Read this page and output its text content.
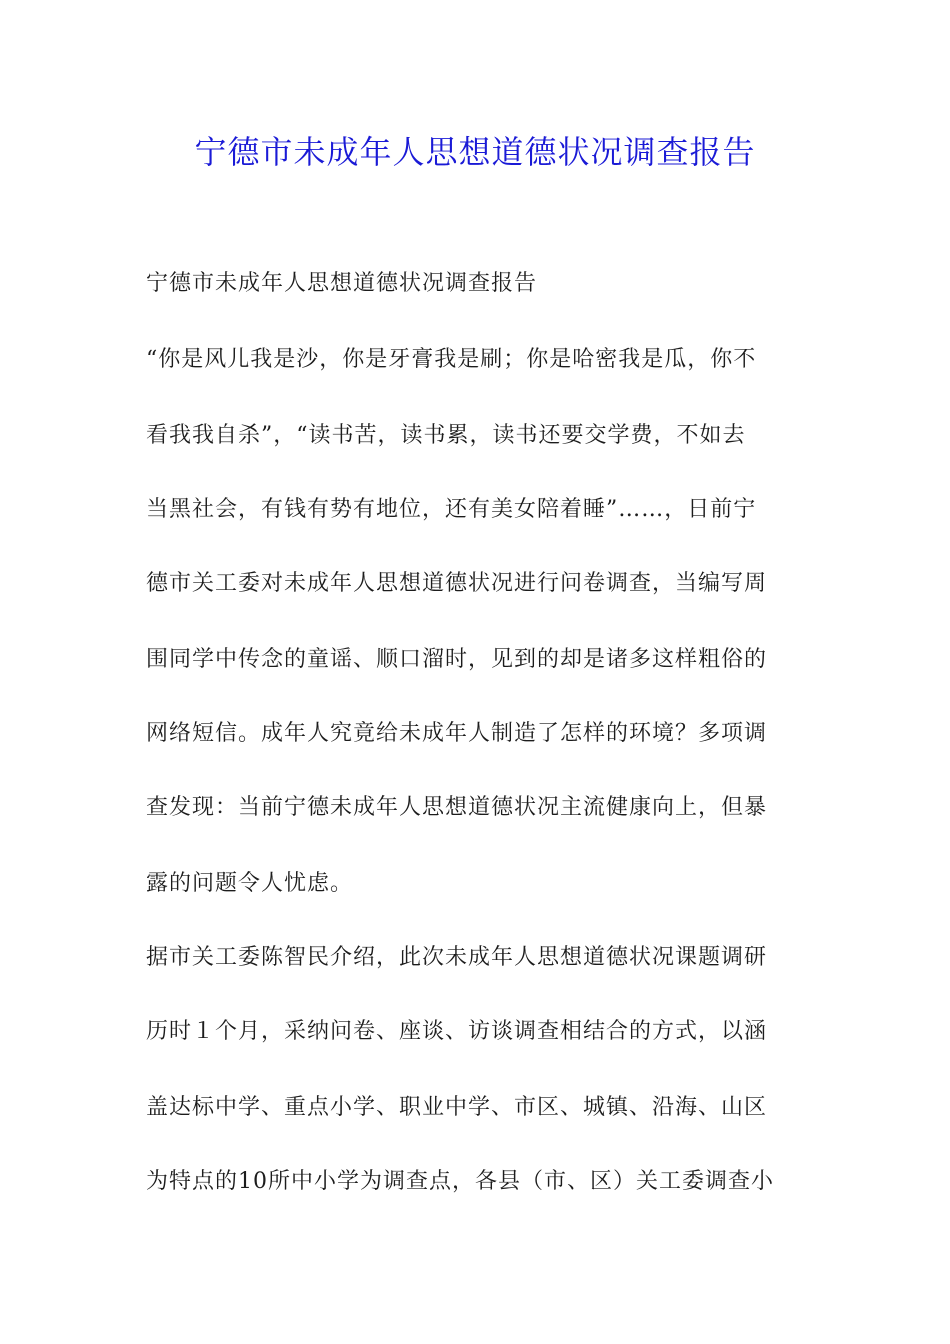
宁德市未成年人思想道德状况调查报告
宁德市未成年人思想道德状况调查报告
“你是风儿我是沙，你是牙膏我是刷；你是哈密我是瓜，你不
看我我自杀”，“读书苦，读书累，读书还要交学费，不如去
当黑社会，有钱有势有地位，还有美女陪着睡”……，日前宁
德市关工委对未成年人思想道德状况进行问卷调查，当编写周
围同学中传念的童谣、顺口溜时，见到的却是诸多这样粗俗的
网络短信。成年人究竟给未成年人制造了怎样的环境？多项调
查发现：当前宁德未成年人思想道德状况主流健康向上，但暴
露的问题令人忧虑。
据市关工委陈智民介绍，此次未成年人思想道德状况课题调研
历时１个月，采纳问卷、座谈、访谈调查相结合的方式，以涵
盖达标中学、重点小学、职业中学、市区、城镇、沿海、山区
为特点的10所中小学为调查点，各县（市、区）关工委调查小
